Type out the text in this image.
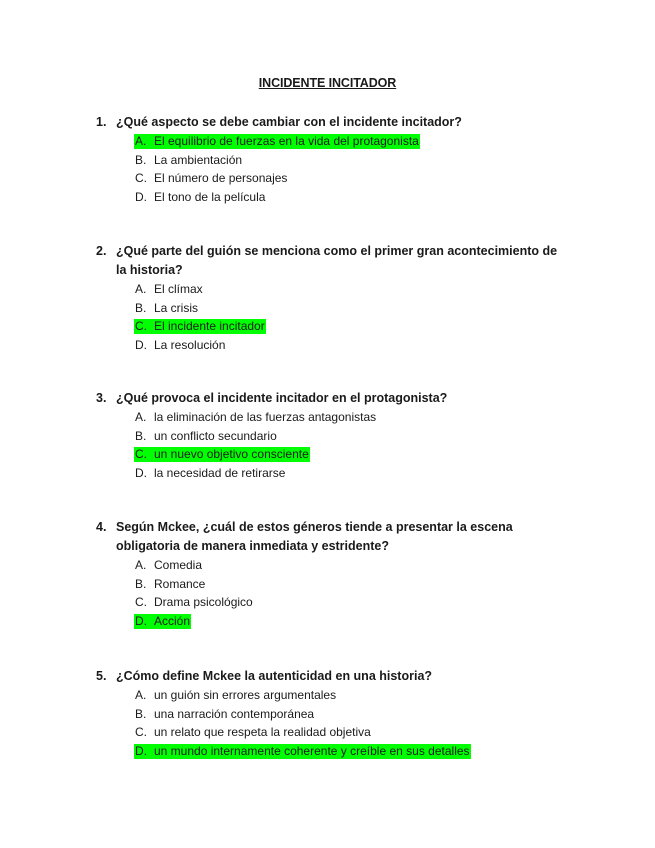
INCIDENTE INCITADOR
1. ¿Qué aspecto se debe cambiar con el incidente incitador?
A. El equilibrio de fuerzas en la vida del protagonista
B. La ambientación
C. El número de personajes
D. El tono de la película
2. ¿Qué parte del guión se menciona como el primer gran acontecimiento de la historia?
A. El clímax
B. La crisis
C. El incidente incitador
D. La resolución
3. ¿Qué provoca el incidente incitador en el protagonista?
A. la eliminación de las fuerzas antagonistas
B. un conflicto secundario
C. un nuevo objetivo consciente
D. la necesidad de retirarse
4. Según Mckee, ¿cuál de estos géneros tiende a presentar la escena obligatoria de manera inmediata y estridente?
A. Comedia
B. Romance
C. Drama psicológico
D. Acción
5. ¿Cómo define Mckee la autenticidad en una historia?
A. un guión sin errores argumentales
B. una narración contemporánea
C. un relato que respeta la realidad objetiva
D. un mundo internamente coherente y creíble en sus detalles
